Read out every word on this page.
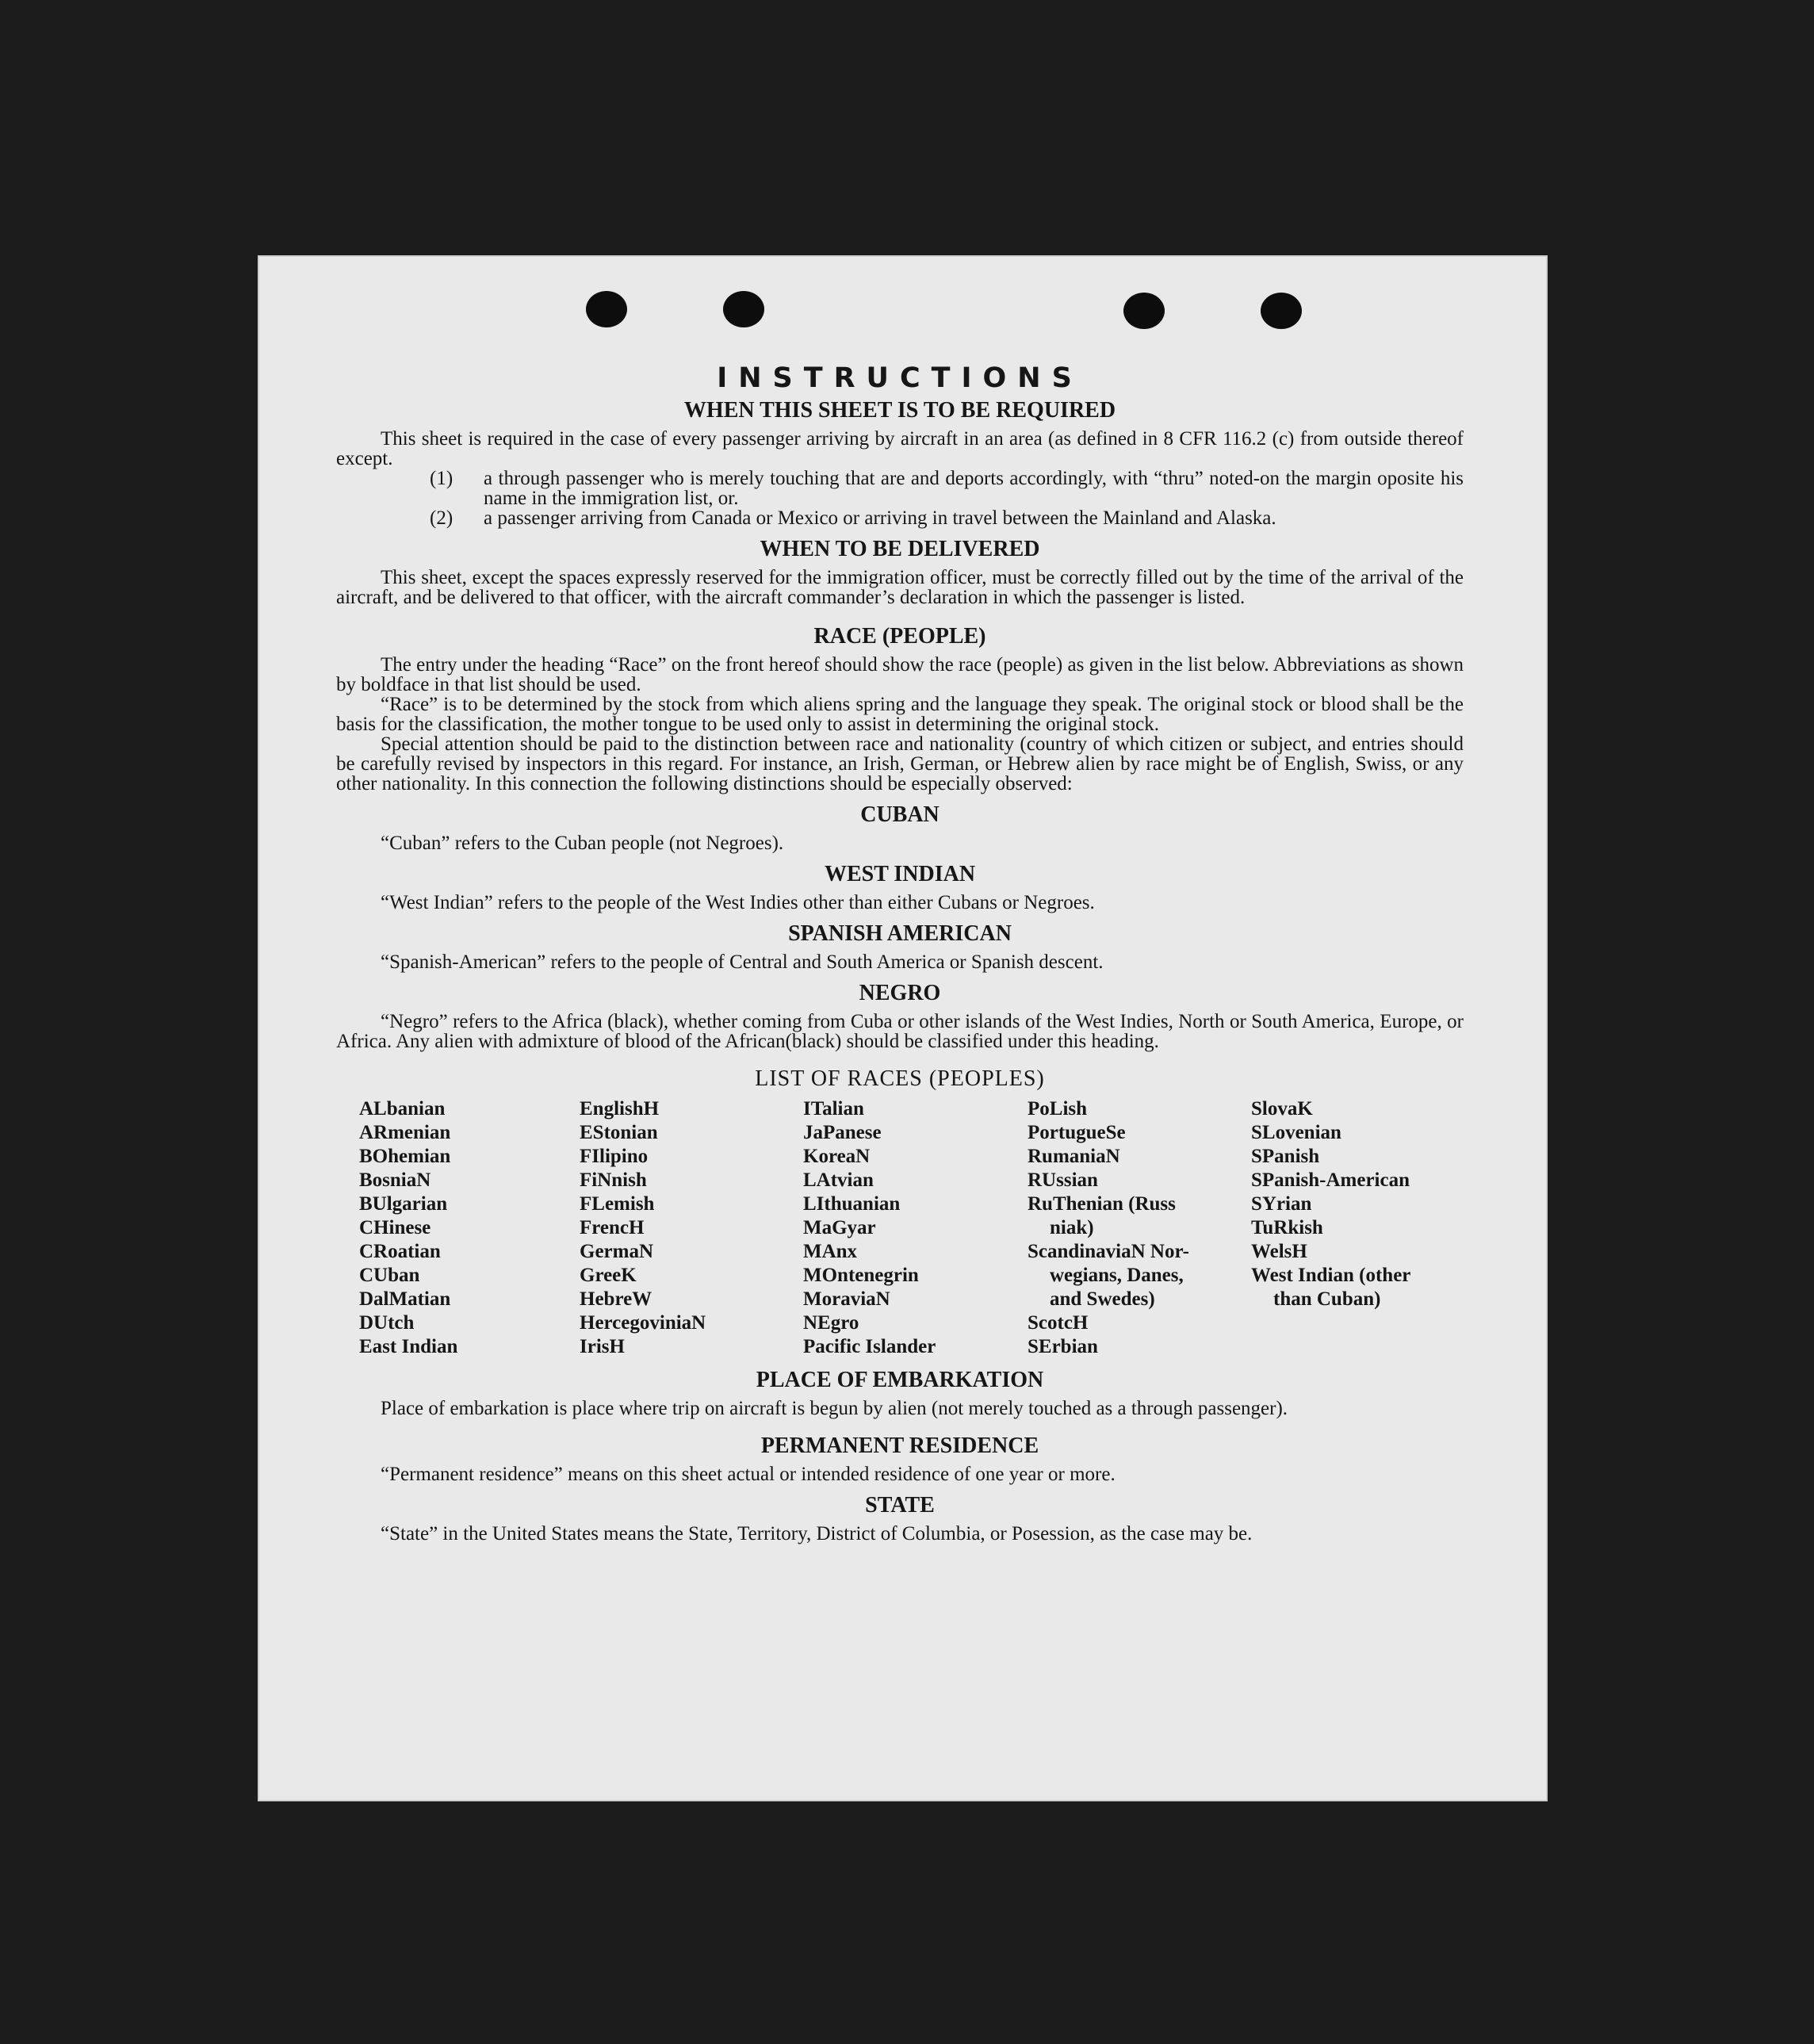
INSTRUCTIONS
WHEN THIS SHEET IS TO BE REQUIRED

This sheet is required in the case of every passenger arriving by aircraft in an area (as defined in 8 CFR 116.2 (c) from outside thereof except.

(1)	a through passenger who is merely touching that are and deports accordingly, with “thru” noted-on the margin oposite his name in the immigration list, or.
(2)	a passenger arriving from Canada or Mexico or arriving in travel between the Mainland and Alaska.
WHEN TO BE DELIVERED

This sheet, except the spaces expressly reserved for the immigration officer, must be correctly filled out by the time of the arrival of the aircraft, and be delivered to that officer, with the aircraft commander’s declaration in which the passenger is listed.

RACE (PEOPLE)

The entry under the heading “Race” on the front hereof should show the race (people) as given in the list below. Abbreviations as shown by boldface in that list should be used.

“Race” is to be determined by the stock from which aliens spring and the language they speak. The original stock or blood shall be the basis for the classification, the mother tongue to be used only to assist in determining the original stock.

Special attention should be paid to the distinction between race and nationality (country of which citizen or subject, and entries should be carefully revised by inspectors in this regard. For instance, an Irish, German, or Hebrew alien by race might be of English, Swiss, or any other nationality. In this connection the following distinctions should be especially observed:

CUBAN

“Cuban” refers to the Cuban people (not Negroes).

WEST INDIAN

“West Indian” refers to the people of the West Indies other than either Cubans or Negroes.

SPANISH AMERICAN

“Spanish-American” refers to the people of Central and South America or Spanish descent.

NEGRO

“Negro” refers to the Africa (black), whether coming from Cuba or other islands of the West Indies, North or South America, Europe, or Africa. Any alien with admixture of blood of the African(black) should be classified under this heading.

LIST OF RACES (PEOPLES)
ALbanian
ARmenian
BOhemian
BosniaN
BUlgarian
CHinese
CRoatian
CUban
DalMatian
DUtch
East Indian
EnglishH
EStonian
FIlipino
FiNnish
FLemish
FrencH
GermaN
GreeK
HebreW
HercegoviniaN
IrisH
ITalian
JaPanese
KoreaN
LAtvian
LIthuanian
MaGyar
MAnx
MOntenegrin
MoraviaN
NEgro
Pacific Islander
PoLish
PortugueSe
RumaniaN
RUssian
RuThenian (Russ
niak)
ScandinaviaN Nor-
wegians, Danes,
and Swedes)
ScotcH
SErbian
SlovaK
SLovenian
SPanish
SPanish-American
SYrian
TuRkish
WelsH
West Indian (other
than Cuban)
PLACE OF EMBARKATION

Place of embarkation is place where trip on aircraft is begun by alien (not merely touched as a through passenger).

PERMANENT RESIDENCE

“Permanent residence” means on this sheet actual or intended residence of one year or more.

STATE

“State” in the United States means the State, Territory, District of Columbia, or Posession, as the case may be.
